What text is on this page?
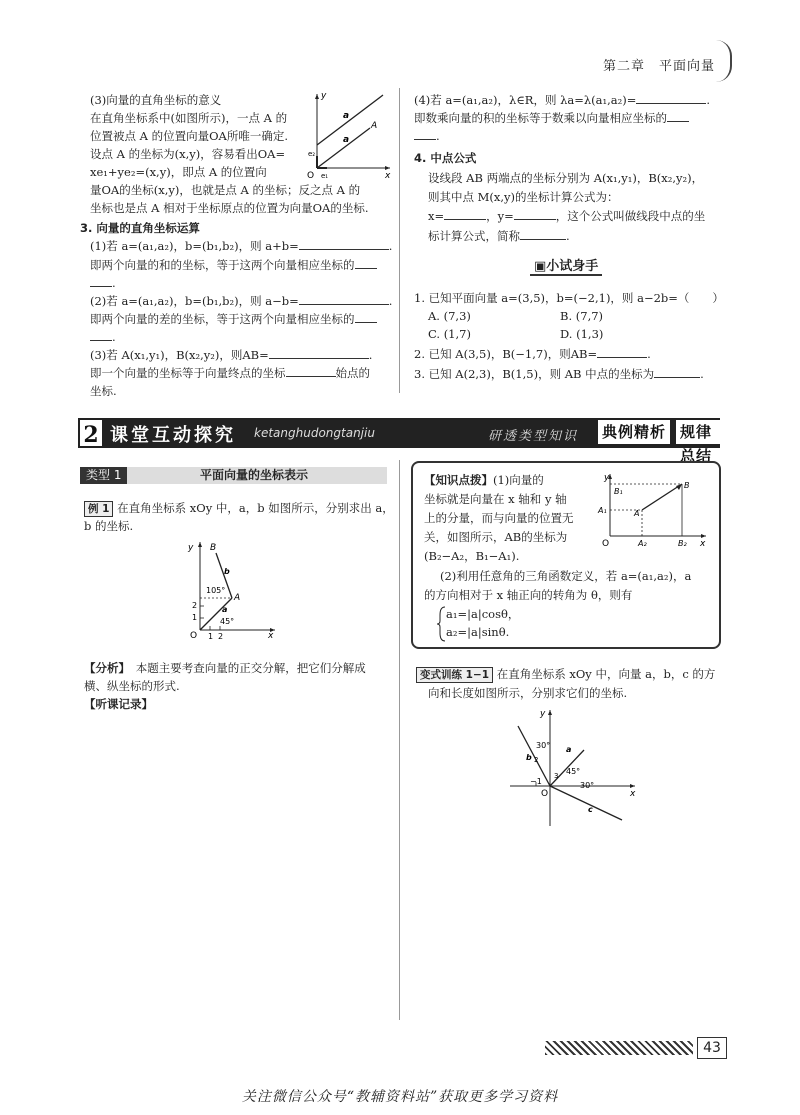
第二章　平面向量
(3)向量的直角坐标的意义
在直角坐标系中(如图所示)，一点 A 的
位置被点 A 的位置向量OA所唯一确定.
设点 A 的坐标为(x,y)，容易看出OA=
xe₁+ye₂=(x,y)，即点 A 的位置向
量OA的坐标(x,y)，也就是点 A 的坐标；反之点 A 的
坐标也是点 A 相对于坐标原点的位置为向量OA的坐标.
y
x
O e₁
e₂
a
a
A
3. 向量的直角坐标运算
(1)若 a=(a₁,a₂)，b=(b₁,b₂)，则 a+b=	.
即两个向量的和的坐标，等于这两个向量相应坐标的
.
(2)若 a=(a₁,a₂)，b=(b₁,b₂)，则 a−b=	.
即两个向量的差的坐标，等于这两个向量相应坐标的
.
(3)若 A(x₁,y₁)，B(x₂,y₂)，则AB=	.
即一个向量的坐标等于向量终点的坐标	始点的
坐标.
(4)若 a=(a₁,a₂)，λ∈R，则 λa=λ(a₁,a₂)=	.
即数乘向量的积的坐标等于数乘以向量相应坐标的
.
4. 中点公式
设线段 AB 两端点的坐标分别为 A(x₁,y₁)，B(x₂,y₂)，
则其中点 M(x,y)的坐标计算公式为：
x=	，y=	，这个公式叫做线段中点的坐
标计算公式，简称	.
▣小试身手
1. 已知平面向量 a=(3,5)，b=(−2,1)，则 a−2b=（　　）
A. (7,3)	B. (7,7)
C. (1,7)	D. (1,3)
2. 已知 A(3,5)，B(−1,7)，则AB=	.
3. 已知 A(2,3)，B(1,5)，则 AB 中点的坐标为	.
2 课堂互动探究 ketanghudongtanjiu	研透类型知识 典例精析 规律总结
类型 1	平面向量的坐标表示
例 1 在直角坐标系 xOy 中，a，b 如图所示，分别求出 a，
b 的坐标.
y
x
O 1 2
1
2
B
A
b
a
105°
45°
【分析】　 本题主要考查向量的正交分解，把它们分解成
横、纵坐标的形式.
【听课记录】
【知识点拨】(1)向量的
坐标就是向量在 x 轴和 y 轴
上的分量，而与向量的位置无
关，如图所示，AB的坐标为
(B₂−A₂，B₁−A₁).
(2)利用任意角的三角函数定义，若 a=(a₁,a₂)，a
的方向相对于 x 轴正向的转角为 θ，则有
a₁=|a|cosθ，
a₂=|a|sinθ.
y
x
O
B₁
A₁	A
B
A₂	B₂
变式训练 1−1 在直角坐标系 xOy 中，向量 a，b，c 的方
向和长度如图所示，分别求它们的坐标.
y
x
O
−1
30°
45°
30°
b
a
c
3
2
43
关注微信公众号“教辅资料站”获取更多学习资料
